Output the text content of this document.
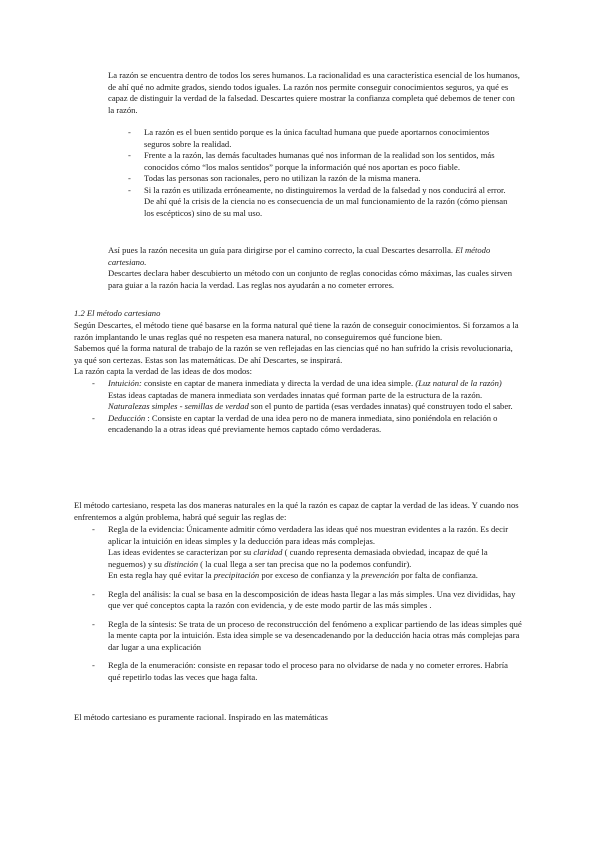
La razón se encuentra dentro de todos los seres humanos. La racionalidad es una característica esencial de los humanos, de ahí qué no admite grados, siendo todos iguales. La razón nos permite conseguir conocimientos seguros, ya qué es capaz de distinguir la verdad de la falsedad. Descartes quiere mostrar la confianza completa qué debemos de tener con la razón.

- La razón es el buen sentido porque es la única facultad humana que puede aportarnos conocimientos seguros sobre la realidad.
- Frente a la razón, las demás facultades humanas qué nos informan de la realidad son los sentidos, más conocidos cómo “los malos sentidos” porque la información qué nos aportan es poco fiable.
- Todas las personas son racionales, pero no utilizan la razón de la misma manera.
- Si la razón es utilizada erróneamente, no distinguiremos la verdad de la falsedad y nos conducirá al error. De ahí qué la crisis de la ciencia no es consecuencia de un mal funcionamiento de la razón (cómo piensan los escépticos) sino de su mal uso.

Así pues la razón necesita un guía para dirigirse por el camino correcto, la cual Descartes desarrolla. El método cartesiano.

Descartes declara haber descubierto un método con un conjunto de reglas conocidas cómo máximas, las cuales sirven para guiar a la razón hacia la verdad. Las reglas nos ayudarán a no cometer errores.

1.2 El método cartesiano

Según Descartes, el método tiene qué basarse en la forma natural qué tiene la razón de conseguir conocimientos. Si forzamos a la razón implantando le unas reglas qué no respeten esa manera natural, no conseguiremos qué funcione bien.

Sabemos qué la forma natural de trabajo de la razón se ven reflejadas en las ciencias qué no han sufrido la crisis revolucionaria, ya qué son certezas. Estas son las matemáticas. De ahí Descartes, se inspirará.

La razón capta la verdad de las ideas de dos modos:

- Intuición: consiste en captar de manera inmediata y directa la verdad de una idea simple. (Luz natural de la razón) Estas ideas captadas de manera inmediata son verdades innatas qué forman parte de la estructura de la razón. Naturalezas simples - semillas de verdad son el punto de partida (esas verdades innatas) qué construyen todo el saber.
- Deducción : Consiste en captar la verdad de una idea pero no de manera inmediata, sino poniéndola en relación o encadenando la a otras ideas qué previamente hemos captado cómo verdaderas.

El método cartesiano, respeta las dos maneras naturales en la qué la razón es capaz de captar la verdad de las ideas. Y cuando nos enfrentemos a algún problema, habrá qué seguir las reglas de:

- Regla de la evidencia: Únicamente admitir cómo verdadera las ideas qué nos muestran evidentes a la razón. Es decir aplicar la intuición en ideas simples y la deducción para ideas más complejas.
Las ideas evidentes se caracterizan por su claridad ( cuando representa demasiada obviedad, incapaz de qué la neguemos) y su distinción ( la cual llega a ser tan precisa que no la podemos confundir).
En esta regla hay qué evitar la precipitación por exceso de confianza y la prevención por falta de confianza.
- Regla del análisis: la cual se basa en la descomposición de ideas hasta llegar a las más simples. Una vez divididas, hay que ver qué conceptos capta la razón con evidencia, y de este modo partir de las más simples .
- Regla de la síntesis: Se trata de un proceso de reconstrucción del fenómeno a explicar partiendo de las ideas simples qué la mente capta por la intuición. Esta idea simple se va desencadenando por la deducción hacia otras más complejas para dar lugar a una explicación
- Regla de la enumeración: consiste en repasar todo el proceso para no olvidarse de nada y no cometer errores. Habría qué repetirlo todas las veces que haga falta.

El método cartesiano es puramente racional. Inspirado en las matemáticas
